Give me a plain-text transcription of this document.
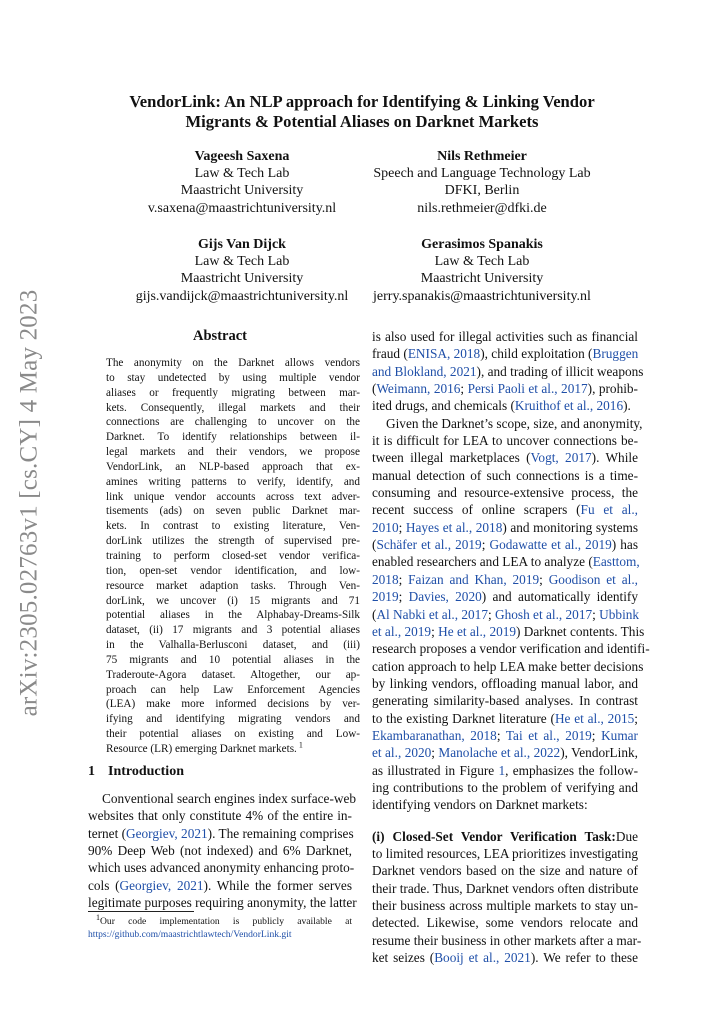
arXiv:2305.02763v1 [cs.CY] 4 May 2023
VendorLink: An NLP approach for Identifying & Linking Vendor
Migrants & Potential Aliases on Darknet Markets
Vageesh Saxena
Law & Tech Lab
Maastricht University
v.saxena@maastrichtuniversity.nl
Nils Rethmeier
Speech and Language Technology Lab
DFKI, Berlin
nils.rethmeier@dfki.de
Gijs Van Dijck
Law & Tech Lab
Maastricht University
gijs.vandijck@maastrichtuniversity.nl
Gerasimos Spanakis
Law & Tech Lab
Maastricht University
jerry.spanakis@maastrichtuniversity.nl
Abstract
The anonymity on the Darknet allows vendors
to stay undetected by using multiple vendor
aliases or frequently migrating between mar-
kets. Consequently, illegal markets and their
connections are challenging to uncover on the
Darknet. To identify relationships between il-
legal markets and their vendors, we propose
VendorLink, an NLP-based approach that ex-
amines writing patterns to verify, identify, and
link unique vendor accounts across text adver-
tisements (ads) on seven public Darknet mar-
kets. In contrast to existing literature, Ven-
dorLink utilizes the strength of supervised pre-
training to perform closed-set vendor verifica-
tion, open-set vendor identification, and low-
resource market adaption tasks. Through Ven-
dorLink, we uncover (i) 15 migrants and 71
potential aliases in the Alphabay-Dreams-Silk
dataset, (ii) 17 migrants and 3 potential aliases
in the Valhalla-Berlusconi dataset, and (iii)
75 migrants and 10 potential aliases in the
Traderoute-Agora dataset. Altogether, our ap-
proach can help Law Enforcement Agencies
(LEA) make more informed decisions by ver-
ifying and identifying migrating vendors and
their potential aliases on existing and Low-
Resource (LR) emerging Darknet markets. $^1$
1 Introduction
Conventional search engines index surface-web
websites that only constitute 4% of the entire in-
ternet (Georgiev, 2021). The remaining comprises
90% Deep Web (not indexed) and 6% Darknet,
which uses advanced anonymity enhancing proto-
cols (Georgiev, 2021). While the former serves
legitimate purposes requiring anonymity, the latter
$^1$Our code implementation is publicly available at
https://github.com/maastrichtlawtech/VendorLink.git
is also used for illegal activities such as financial
fraud (ENISA, 2018), child exploitation (Bruggen
and Blokland, 2021), and trading of illicit weapons
(Weimann, 2016; Persi Paoli et al., 2017), prohib-
ited drugs, and chemicals (Kruithof et al., 2016).
Given the Darknet’s scope, size, and anonymity,
it is difficult for LEA to uncover connections be-
tween illegal marketplaces (Vogt, 2017). While
manual detection of such connections is a time-
consuming and resource-extensive process, the
recent success of online scrapers (Fu et al.,
2010; Hayes et al., 2018) and monitoring systems
(Schäfer et al., 2019; Godawatte et al., 2019) has
enabled researchers and LEA to analyze (Easttom,
2018; Faizan and Khan, 2019; Goodison et al.,
2019; Davies, 2020) and automatically identify
(Al Nabki et al., 2017; Ghosh et al., 2017; Ubbink
et al., 2019; He et al., 2019) Darknet contents. This
research proposes a vendor verification and identifi-
cation approach to help LEA make better decisions
by linking vendors, offloading manual labor, and
generating similarity-based analyses. In contrast
to the existing Darknet literature (He et al., 2015;
Ekambaranathan, 2018; Tai et al., 2019; Kumar
et al., 2020; Manolache et al., 2022), VendorLink,
as illustrated in Figure 1, emphasizes the follow-
ing contributions to the problem of verifying and
identifying vendors on Darknet markets:
(i) Closed-Set Vendor Verification Task:Due
to limited resources, LEA prioritizes investigating
Darknet vendors based on the size and nature of
their trade. Thus, Darknet vendors often distribute
their business across multiple markets to stay un-
detected. Likewise, some vendors relocate and
resume their business in other markets after a mar-
ket seizes (Booij et al., 2021). We refer to these
